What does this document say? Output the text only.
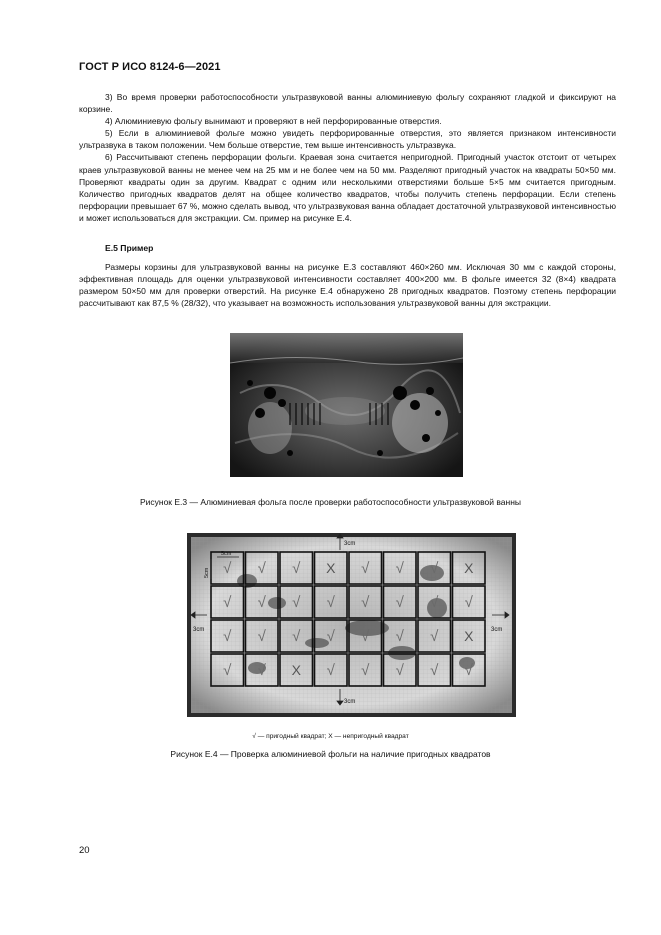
ГОСТ Р ИСО 8124-6—2021

3) Во время проверки работоспособности ультразвуковой ванны алюминиевую фольгу сохраняют гладкой и фиксируют на корзине.

4) Алюминиевую фольгу вынимают и проверяют в ней перфорированные отверстия.

5) Если в алюминиевой фольге можно увидеть перфорированные отверстия, это является признаком интенсивности ультразвука в таком положении. Чем больше отверстие, тем выше интенсивность ультразвука.

6) Рассчитывают степень перфорации фольги. Краевая зона считается непригодной. Пригодный участок отстоит от четырех краев ультразвуковой ванны не менее чем на 25 мм и не более чем на 50 мм. Разделяют пригодный участок на квадраты 50×50 мм. Проверяют квадраты один за другим. Квадрат с одним или несколькими отверстиями больше 5×5 мм считается пригодным. Количество пригодных квадратов делят на общее количество квадратов, чтобы получить степень перфорации. Если степень перфорации превышает 67 %, можно сделать вывод, что ультразвуковая ванна обладает достаточной ультразвуковой интенсивностью и может использоваться для экстракции. См. пример на рисунке E.4.

E.5 Пример

Размеры корзины для ультразвуковой ванны на рисунке E.3 составляют 460×260 мм. Исключая 30 мм с каждой стороны, эффективная площадь для оценки ультразвуковой интенсивности составляет 400×200 мм. В фольге имеется 32 (8×4) квадрата размером 50×50 мм для проверки отверстий. На рисунке E.4 обнаружено 28 пригодных квадратов. Поэтому степень перфорации рассчитывают как 87,5 % (28/32), что указывает на возможность использования ультразвуковой ванны для экстракции.

Рисунок E.3 — Алюминиевая фольга после проверки работоспособности ультразвуковой ванны
√ √ √ X √ √ √ X
√ √ √ √ √ √ √ √
√ √ √ √ √ √ √ X
√ √ X √ √ √ √ √
3cm
3cm
3cm	3cm
5cm
5cm
√ — пригодный квадрат; X — непригодный квадрат
Рисунок E.4 — Проверка алюминиевой фольги на наличие пригодных квадратов
20
